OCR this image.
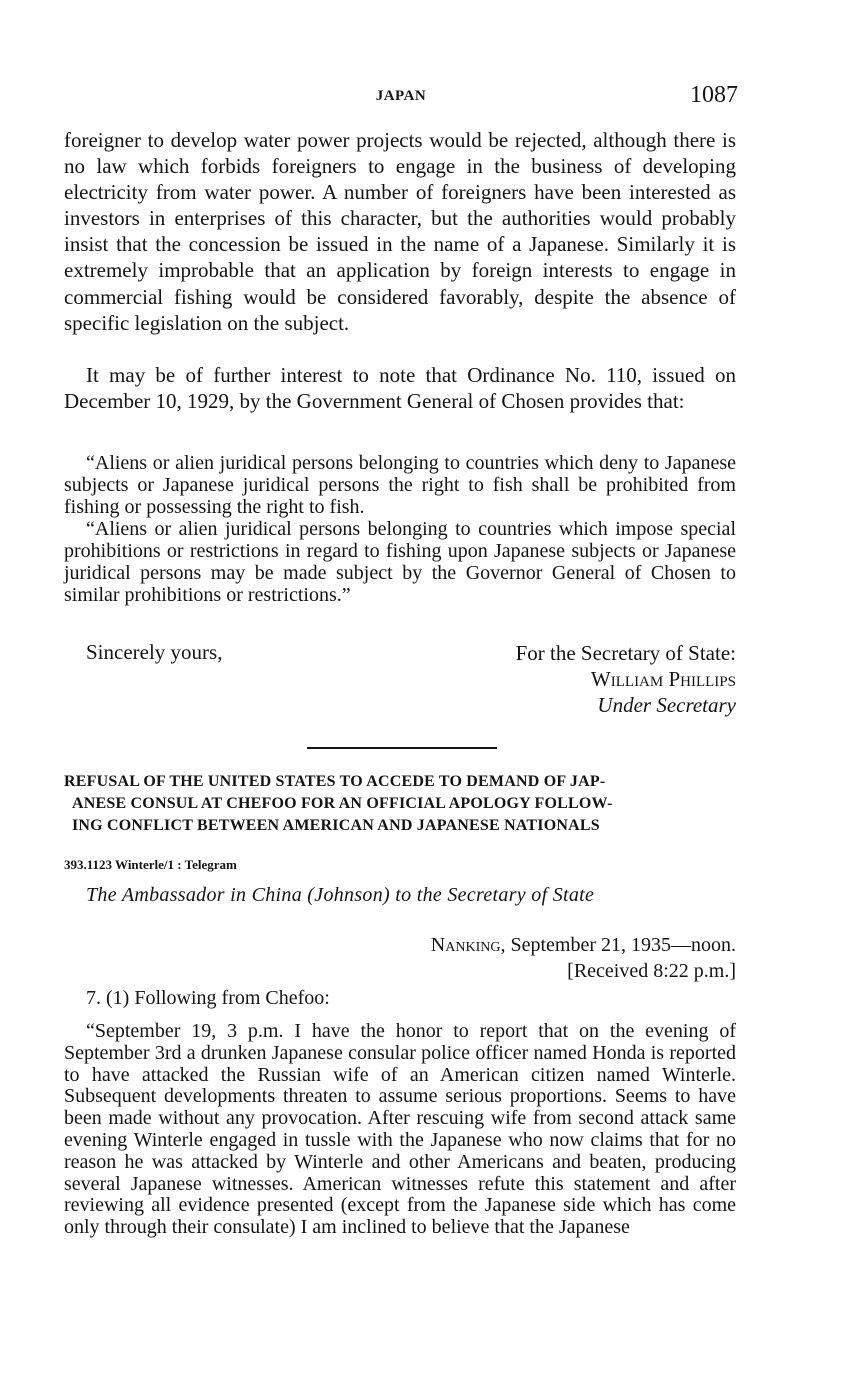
JAPAN	1087

foreigner to develop water power projects would be rejected, although there is no law which forbids foreigners to engage in the business of developing electricity from water power. A number of foreigners have been interested as investors in enterprises of this character, but the authorities would probably insist that the concession be issued in the name of a Japanese. Similarly it is extremely improbable that an application by foreign interests to engage in commercial fishing would be considered favorably, despite the absence of specific legislation on the subject.

It may be of further interest to note that Ordinance No. 110, issued on December 10, 1929, by the Government General of Chosen provides that:

“Aliens or alien juridical persons belonging to countries which deny to Japanese subjects or Japanese juridical persons the right to fish shall be prohibited from fishing or possessing the right to fish.

“Aliens or alien juridical persons belonging to countries which impose special prohibitions or restrictions in regard to fishing upon Japanese subjects or Japanese juridical persons may be made subject by the Governor General of Chosen to similar prohibitions or restrictions.”

Sincerely yours,	For the Secretary of State:
William Phillips
Under Secretary
REFUSAL OF THE UNITED STATES TO ACCEDE TO DEMAND OF JAP-
ANESE CONSUL AT CHEFOO FOR AN OFFICIAL APOLOGY FOLLOW-
ING CONFLICT BETWEEN AMERICAN AND JAPANESE NATIONALS
393.1123 Winterle/1 : Telegram
The Ambassador in China (Johnson) to the Secretary of State
Nanking, September 21, 1935—noon.
[Received 8:22 p.m.]
7. (1) Following from Chefoo:

“September 19, 3 p.m. I have the honor to report that on the evening of September 3rd a drunken Japanese consular police officer named Honda is reported to have attacked the Russian wife of an American citizen named Winterle. Subsequent developments threaten to assume serious proportions. Seems to have been made without any provocation. After rescuing wife from second attack same evening Winterle engaged in tussle with the Japanese who now claims that for no reason he was attacked by Winterle and other Americans and beaten, producing several Japanese witnesses. American witnesses refute this statement and after reviewing all evidence presented (except from the Japanese side which has come only through their consulate) I am inclined to believe that the Japanese
